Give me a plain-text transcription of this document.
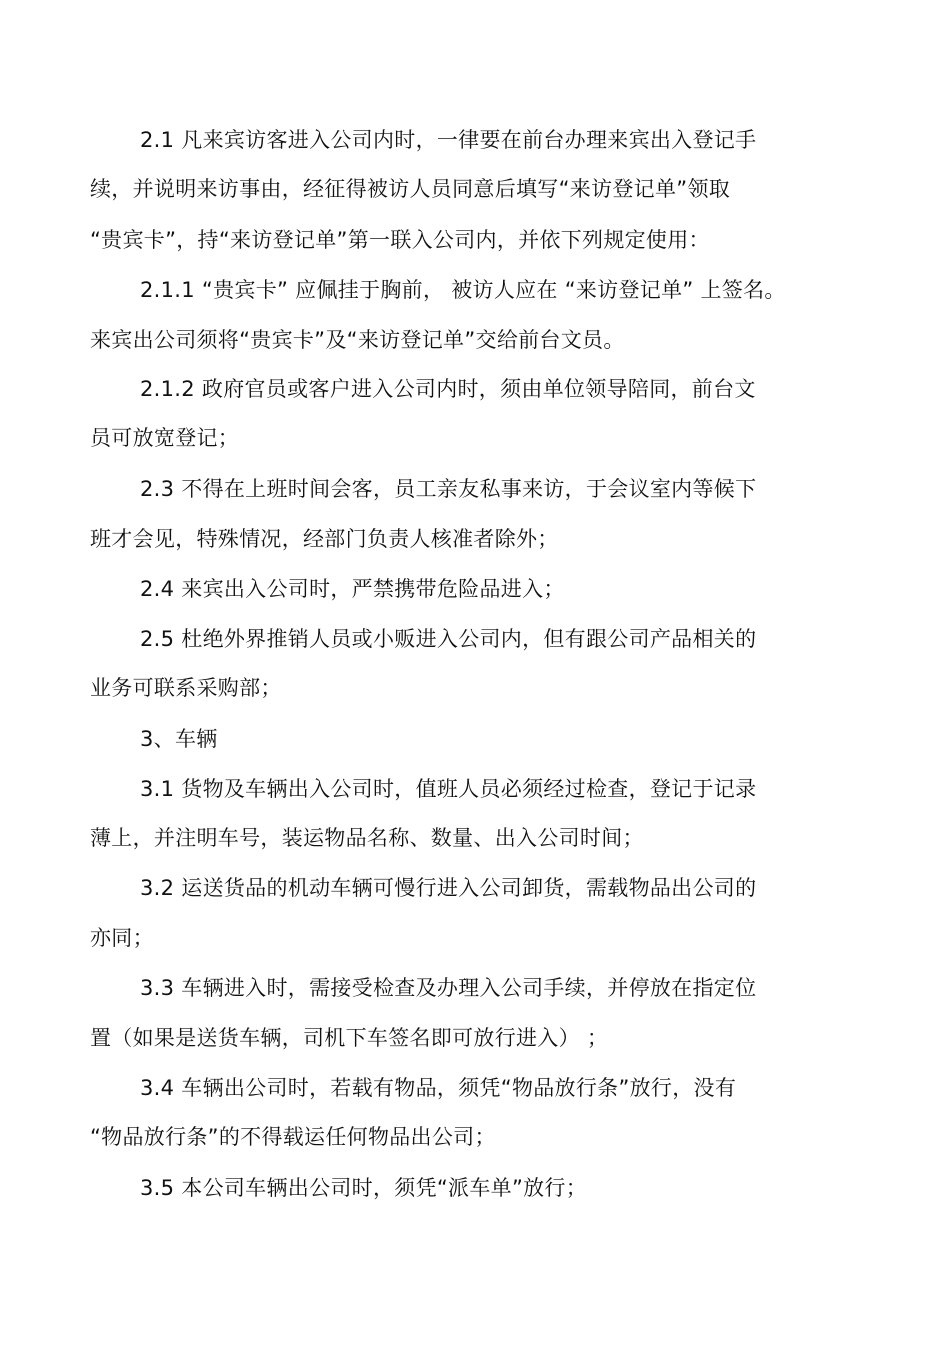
2.1 凡来宾访客进入公司内时，一律要在前台办理来宾出入登记手
续，并说明来访事由，经征得被访人员同意后填写“来访登记单”领取
“贵宾卡”，持“来访登记单”第一联入公司内，并依下列规定使用：
2.1.1 “贵宾卡” 应佩挂于胸前， 被访人应在 “来访登记单” 上签名。
来宾出公司须将“贵宾卡”及“来访登记单”交给前台文员。
2.1.2 政府官员或客户进入公司内时，须由单位领导陪同，前台文
员可放宽登记；
2.3 不得在上班时间会客，员工亲友私事来访，于会议室内等候下
班才会见，特殊情况，经部门负责人核准者除外；
2.4 来宾出入公司时，严禁携带危险品进入；
2.5 杜绝外界推销人员或小贩进入公司内，但有跟公司产品相关的
业务可联系采购部；
3、车辆
3.1 货物及车辆出入公司时，值班人员必须经过检查，登记于记录
薄上，并注明车号，装运物品名称、数量、出入公司时间；
3.2 运送货品的机动车辆可慢行进入公司卸货，需载物品出公司的
亦同；
3.3 车辆进入时，需接受检查及办理入公司手续，并停放在指定位
置（如果是送货车辆，司机下车签名即可放行进入） ；
3.4 车辆出公司时，若载有物品，须凭“物品放行条”放行，没有
“物品放行条”的不得载运任何物品出公司；
3.5 本公司车辆出公司时，须凭“派车单”放行；
